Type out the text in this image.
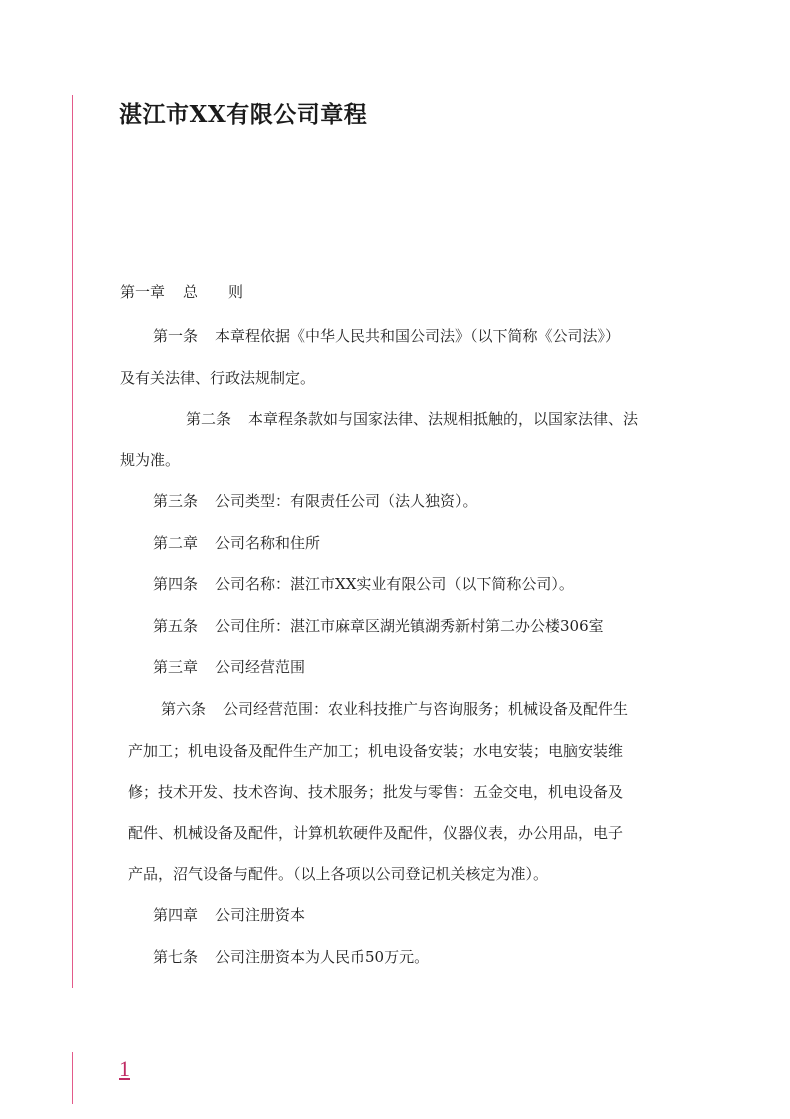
湛江市XX有限公司章程
第一章 总 则
第一条 本章程依据《中华人民共和国公司法》（以下简称《公司法》）
及有关法律、行政法规制定。
第二条 本章程条款如与国家法律、法规相抵触的，以国家法律、法
规为准。
第三条 公司类型：有限责任公司（法人独资）。
第二章 公司名称和住所
第四条 公司名称：湛江市XX实业有限公司（以下简称公司）。
第五条 公司住所：湛江市麻章区湖光镇湖秀新村第二办公楼306室
第三章 公司经营范围
第六条 公司经营范围：农业科技推广与咨询服务；机械设备及配件生
产加工；机电设备及配件生产加工；机电设备安装；水电安装；电脑安装维
修；技术开发、技术咨询、技术服务；批发与零售：五金交电，机电设备及
配件、机械设备及配件，计算机软硬件及配件，仪器仪表，办公用品，电子
产品，沼气设备与配件。（以上各项以公司登记机关核定为准）。
第四章 公司注册资本
第七条 公司注册资本为人民币50万元。
1
